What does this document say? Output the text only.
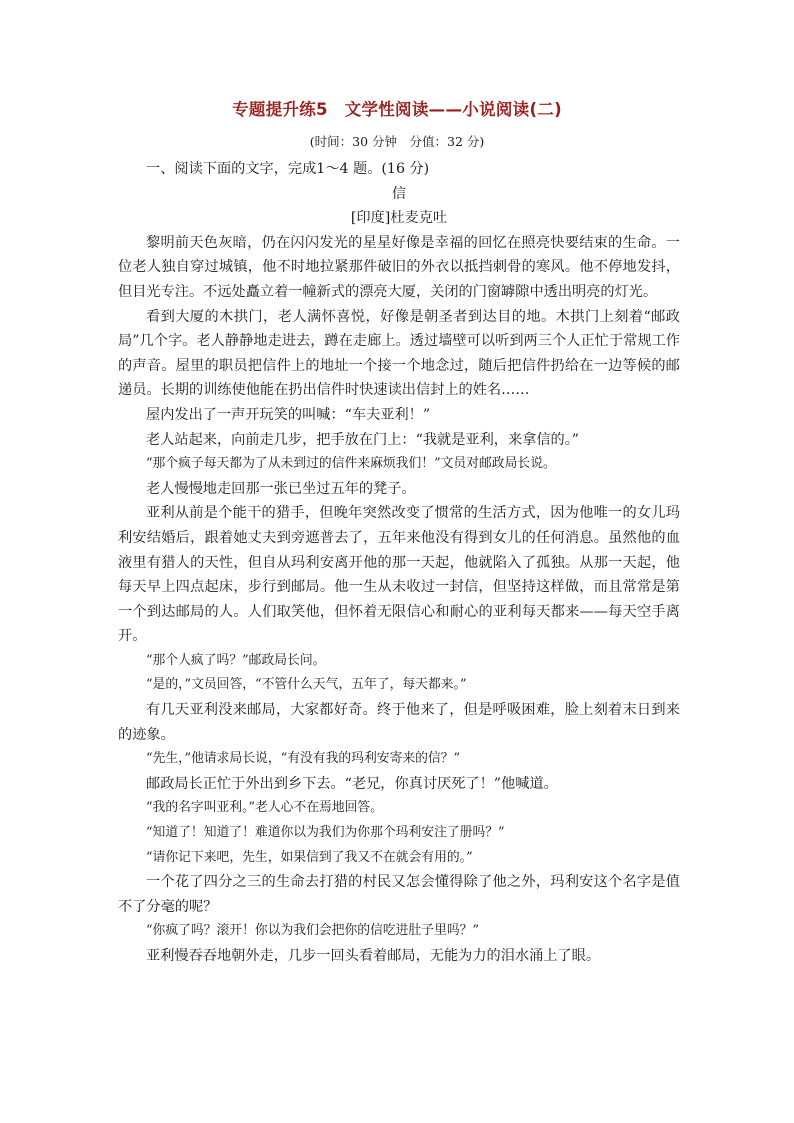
专题提升练5　文学性阅读——小说阅读(二)
(时间：30 分钟　分值：32 分)

一、阅读下面的文字，完成1～4 题。(16 分)

信

[印度]杜麦克吐

黎明前天色灰暗，仍在闪闪发光的星星好像是幸福的回忆在照亮快要结束的生命。一位老人独自穿过城镇，他不时地拉紧那件破旧的外衣以抵挡刺骨的寒风。他不停地发抖，但目光专注。不远处矗立着一幢新式的漂亮大厦，关闭的门窗罅隙中透出明亮的灯光。

看到大厦的木拱门，老人满怀喜悦，好像是朝圣者到达目的地。木拱门上刻着“邮政局”几个字。老人静静地走进去，蹲在走廊上。透过墙壁可以听到两三个人正忙于常规工作的声音。屋里的职员把信件上的地址一个接一个地念过，随后把信件扔给在一边等候的邮递员。长期的训练使他能在扔出信件时快速读出信封上的姓名……

屋内发出了一声开玩笑的叫喊：“车夫亚利！”

老人站起来，向前走几步，把手放在门上：“我就是亚利，来拿信的。”

“那个疯子每天都为了从未到过的信件来麻烦我们！”文员对邮政局长说。

老人慢慢地走回那一张已坐过五年的凳子。

亚利从前是个能干的猎手，但晚年突然改变了惯常的生活方式，因为他唯一的女儿玛利安结婚后，跟着她丈夫到旁遮普去了，五年来他没有得到女儿的任何消息。虽然他的血液里有猎人的天性，但自从玛利安离开他的那一天起，他就陷入了孤独。从那一天起，他每天早上四点起床，步行到邮局。他一生从未收过一封信，但坚持这样做，而且常常是第一个到达邮局的人。人们取笑他，但怀着无限信心和耐心的亚利每天都来——每天空手离开。

“那个人疯了吗？”邮政局长问。

“是的，”文员回答，“不管什么天气，五年了，每天都来。”

有几天亚利没来邮局，大家都好奇。终于他来了，但是呼吸困难，脸上刻着末日到来的迹象。

“先生，”他请求局长说，“有没有我的玛利安寄来的信？”

邮政局长正忙于外出到乡下去。“老兄，你真讨厌死了！”他喊道。

“我的名字叫亚利。”老人心不在焉地回答。

“知道了！知道了！难道你以为我们为你那个玛利安注了册吗？”

“请你记下来吧，先生，如果信到了我又不在就会有用的。”

一个花了四分之三的生命去打猎的村民又怎会懂得除了他之外，玛利安这个名字是值不了分毫的呢？

“你疯了吗？滚开！你以为我们会把你的信吃进肚子里吗？”

亚利慢吞吞地朝外走，几步一回头看着邮局，无能为力的泪水涌上了眼。
